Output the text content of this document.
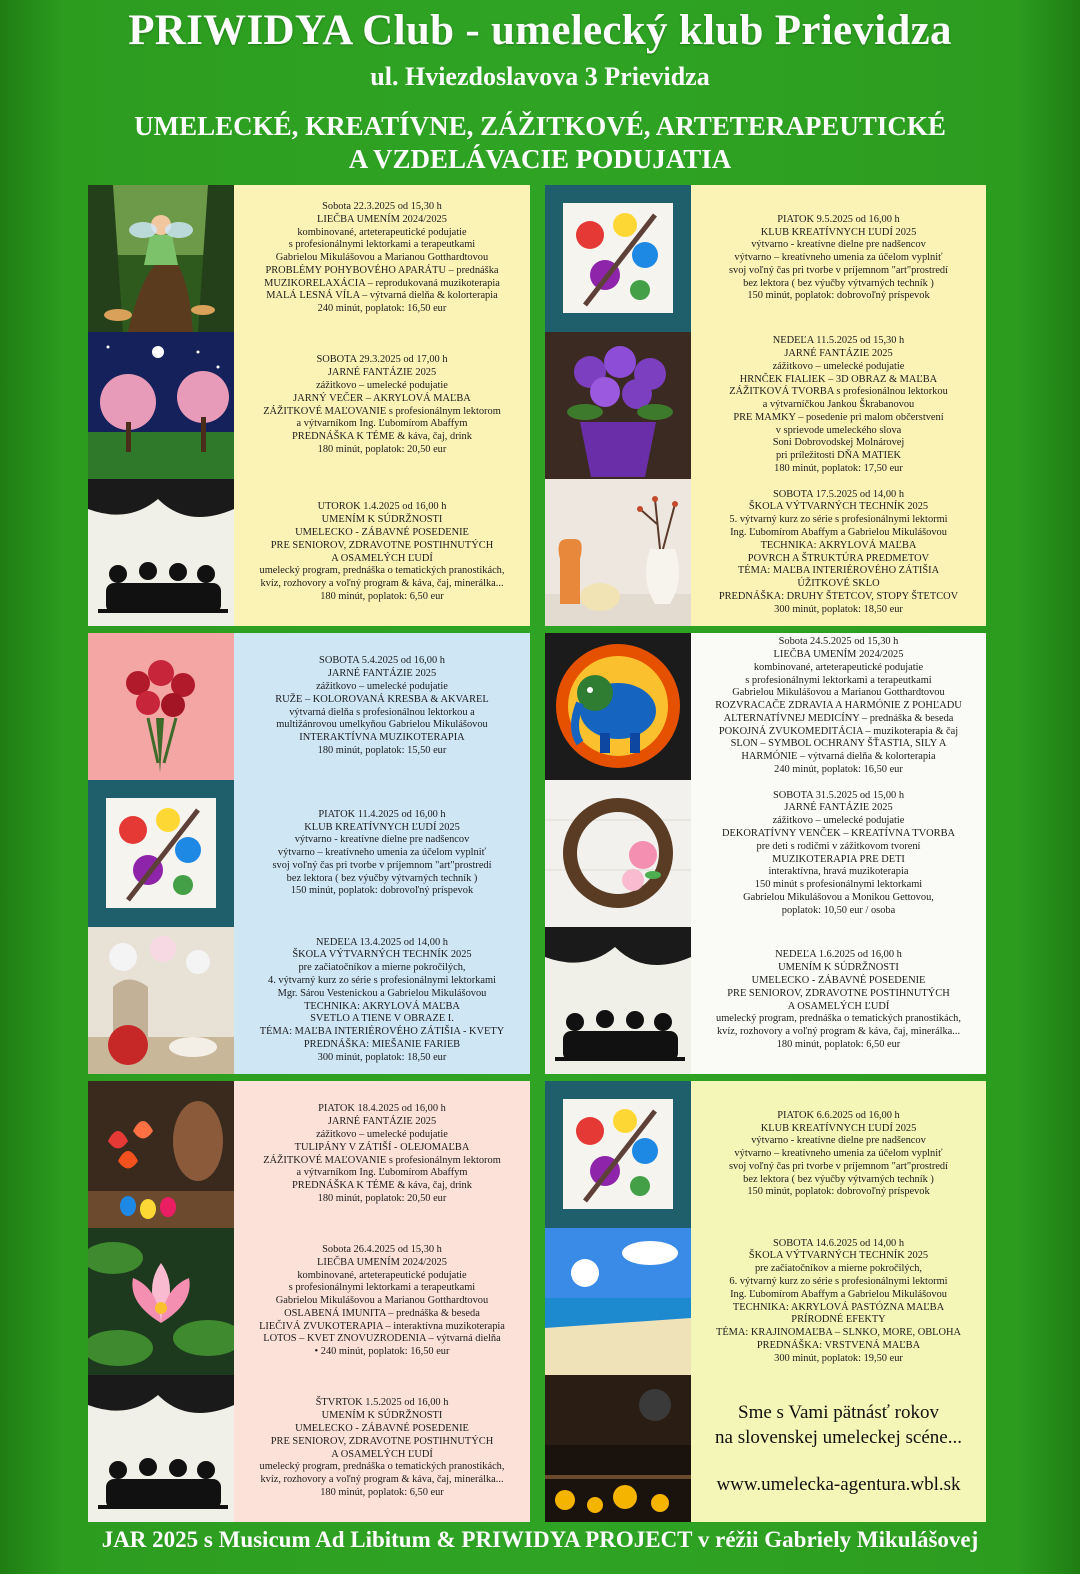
PRIWIDYA Club - umelecký klub Prievidza
ul. Hviezdoslavova 3 Prievidza
UMELECKÉ, KREATÍVNE, ZÁŽITKOVÉ, ARTETERAPEUTICKÉ
A VZDELÁVACIE PODUJATIA
Sobota 22.3.2025 od 15,30 h
LIEČBA UMENÍM 2024/2025
kombinované, arteterapeutické podujatie
s profesionálnymi lektorkami a terapeutkami
Gabrielou Mikulášovou a Marianou Gotthardtovou
PROBLÉMY POHYBOVÉHO APARÁTU – prednáška
MUZIKORELAXÁCIA – reprodukovaná muzikoterapia
MALÁ LESNÁ VÍLA – výtvarná dielňa & kolorterapia
240 minút, poplatok: 16,50 eur
SOBOTA 29.3.2025 od 17,00 h
JARNÉ FANTÁZIE 2025
zážitkovo – umelecké podujatie
JARNÝ VEČER – AKRYLOVÁ MAĽBA
ZÁŽITKOVÉ MAĽOVANIE s profesionálnym lektorom
a výtvarníkom Ing. Ľubomírom Abaffym
PREDNÁŠKA K TÉME & káva, čaj, drink
180 minút, poplatok: 20,50 eur
UTOROK 1.4.2025 od 16,00 h
UMENÍM K SÚDRŽNOSTI
UMELECKO - ZÁBAVNÉ POSEDENIE
PRE SENIOROV, ZDRAVOTNE POSTIHNUTÝCH
A OSAMELÝCH ĽUDÍ
umelecký program, prednáška o tematických pranostikách,
kvíz, rozhovory a voľný program & káva, čaj, minerálka...
180 minút, poplatok: 6,50 eur
SOBOTA 5.4.2025 od 16,00 h
JARNÉ FANTÁZIE 2025
zážitkovo – umelecké podujatie
RUŽE – KOLOROVANÁ KRESBA & AKVAREL
výtvarná dielňa s profesionálnou lektorkou a
multižánrovou umelkyňou Gabrielou Mikulášovou
INTERAKTÍVNA MUZIKOTERAPIA
180 minút, poplatok: 15,50 eur
PIATOK 11.4.2025 od 16,00 h
KLUB KREATÍVNYCH ĽUDÍ 2025
výtvarno - kreatívne dielne pre nadšencov
výtvarno – kreatívneho umenia za účelom vyplniť
svoj voľný čas pri tvorbe v príjemnom "art"prostredí
bez lektora ( bez výučby výtvarných techník )
150 minút, poplatok: dobrovoľný príspevok
NEDEĽA 13.4.2025 od 14,00 h
ŠKOLA VÝTVARNÝCH TECHNÍK 2025
pre začiatočníkov a mierne pokročilých,
4. výtvarný kurz zo série s profesionálnymi lektorkami
Mgr. Sárou Vestenickou a Gabrielou Mikulášovou
TECHNIKA: AKRYLOVÁ MAĽBA
SVETLO A TIENE V OBRAZE I.
TÉMA: MAĽBA INTERIÉROVÉHO ZÁTIŠIA - KVETY
PREDNÁŠKA: MIEŠANIE FARIEB
300 minút, poplatok: 18,50 eur
PIATOK 18.4.2025 od 16,00 h
JARNÉ FANTÁZIE 2025
zážitkovo – umelecké podujatie
TULIPÁNY V ZÁTIŠÍ - OLEJOMAĽBA
ZÁŽITKOVÉ MAĽOVANIE s profesionálnym lektorom
a výtvarníkom Ing. Ľubomírom Abaffym
PREDNÁŠKA K TÉME & káva, čaj, drink
180 minút, poplatok: 20,50 eur
Sobota 26.4.2025 od 15,30 h
LIEČBA UMENÍM 2024/2025
kombinované, arteterapeutické podujatie
s profesionálnymi lektorkami a terapeutkami
Gabrielou Mikulášovou a Marianou Gotthardtovou
OSLABENÁ IMUNITA – prednáška & beseda
LIEČIVÁ ZVUKOTERAPIA – interaktívna muzikoterapia
LOTOS – KVET ZNOVUZRODENIA – výtvarná dielňa
• 240 minút, poplatok: 16,50 eur
ŠTVRTOK 1.5.2025 od 16,00 h
UMENÍM K SÚDRŽNOSTI
UMELECKO - ZÁBAVNÉ POSEDENIE
PRE SENIOROV, ZDRAVOTNE POSTIHNUTÝCH
A OSAMELÝCH ĽUDÍ
umelecký program, prednáška o tematických pranostikách,
kvíz, rozhovory a voľný program & káva, čaj, minerálka...
180 minút, poplatok: 6,50 eur
PIATOK 9.5.2025 od 16,00 h
KLUB KREATÍVNYCH ĽUDÍ 2025
výtvarno - kreatívne dielne pre nadšencov
výtvarno – kreatívneho umenia za účelom vyplniť
svoj voľný čas pri tvorbe v príjemnom "art"prostredí
bez lektora ( bez výučby výtvarných techník )
150 minút, poplatok: dobrovoľný príspevok
NEDEĽA 11.5.2025 od 15,30 h
JARNÉ FANTÁZIE 2025
zážitkovo – umelecké podujatie
HRNČEK FIALIEK – 3D OBRAZ & MAĽBA
ZÁŽITKOVÁ TVORBA s profesionálnou lektorkou
a výtvarníčkou Jankou Škrabanovou
PRE MAMKY – posedenie pri malom občerstvení
v sprievode umeleckého slova
Soni Dobrovodskej Molnárovej
pri príležitosti DŇA MATIEK
180 minút, poplatok: 17,50 eur
SOBOTA 17.5.2025 od 14,00 h
ŠKOLA VÝTVARNÝCH TECHNÍK 2025
5. výtvarný kurz zo série s profesionálnymi lektormi
Ing. Ľubomírom Abaffym a Gabrielou Mikulášovou
TECHNIKA: AKRYLOVÁ MAĽBA
POVRCH A ŠTRUKTÚRA PREDMETOV
TÉMA: MAĽBA INTERIÉROVÉHO ZÁTIŠIA
ÚŽITKOVÉ SKLO
PREDNÁŠKA: DRUHY ŠTETCOV, STOPY ŠTETCOV
300 minút, poplatok: 18,50 eur
Sobota 24.5.2025 od 15,30 h
LIEČBA UMENÍM 2024/2025
kombinované, arteterapeutické podujatie
s profesionálnymi lektorkami a terapeutkami
Gabrielou Mikulášovou a Marianou Gotthardtovou
ROZVRACAČE ZDRAVIA A HARMÓNIE Z POHĽADU
ALTERNATÍVNEJ MEDICÍNY – prednáška & beseda
POKOJNÁ ZVUKOMEDITÁCIA – muzikoterapia & čaj
SLON – SYMBOL OCHRANY ŠŤASTIA, SILY A
HARMÓNIE – výtvarná dielňa & kolorterapia
240 minút, poplatok: 16,50 eur
SOBOTA 31.5.2025 od 15,00 h
JARNÉ FANTÁZIE 2025
zážitkovo – umelecké podujatie
DEKORATÍVNY VENČEK – KREATÍVNA TVORBA
pre deti s rodičmi v zážitkovom tvorení
MUZIKOTERAPIA PRE DETI
interaktívna, hravá muzikoterapia
150 minút s profesionálnymi lektorkami
Gabrielou Mikulášovou a Monikou Gettovou,
poplatok: 10,50 eur / osoba
NEDEĽA 1.6.2025 od 16,00 h
UMENÍM K SÚDRŽNOSTI
UMELECKO - ZÁBAVNÉ POSEDENIE
PRE SENIOROV, ZDRAVOTNE POSTIHNUTÝCH
A OSAMELÝCH ĽUDÍ
umelecký program, prednáška o tematických pranostikách,
kvíz, rozhovory a voľný program & káva, čaj, minerálka...
180 minút, poplatok: 6,50 eur
PIATOK 6.6.2025 od 16,00 h
KLUB KREATÍVNYCH ĽUDÍ 2025
výtvarno - kreatívne dielne pre nadšencov
výtvarno – kreatívneho umenia za účelom vyplniť
svoj voľný čas pri tvorbe v príjemnom "art"prostredí
bez lektora ( bez výučby výtvarných techník )
150 minút, poplatok: dobrovoľný príspevok
SOBOTA 14.6.2025 od 14,00 h
ŠKOLA VÝTVARNÝCH TECHNÍK 2025
pre začiatočníkov a mierne pokročilých,
6. výtvarný kurz zo série s profesionálnymi lektormi
Ing. Ľubomírom Abaffym a Gabrielou Mikulášovou
TECHNIKA: AKRYLOVÁ PASTÓZNA MAĽBA
PRÍRODNÉ EFEKTY
TÉMA: KRAJINOMAĽBA – SLNKO, MORE, OBLOHA
PREDNÁŠKA: VRSTVENÁ MAĽBA
300 minút, poplatok: 19,50 eur
Sme s Vami pätnásť rokov
na slovenskej umeleckej scéne...
www.umelecka-agentura.wbl.sk
JAR 2025 s Musicum Ad Libitum & PRIWIDYA PROJECT v réžii Gabriely Mikulášovej
